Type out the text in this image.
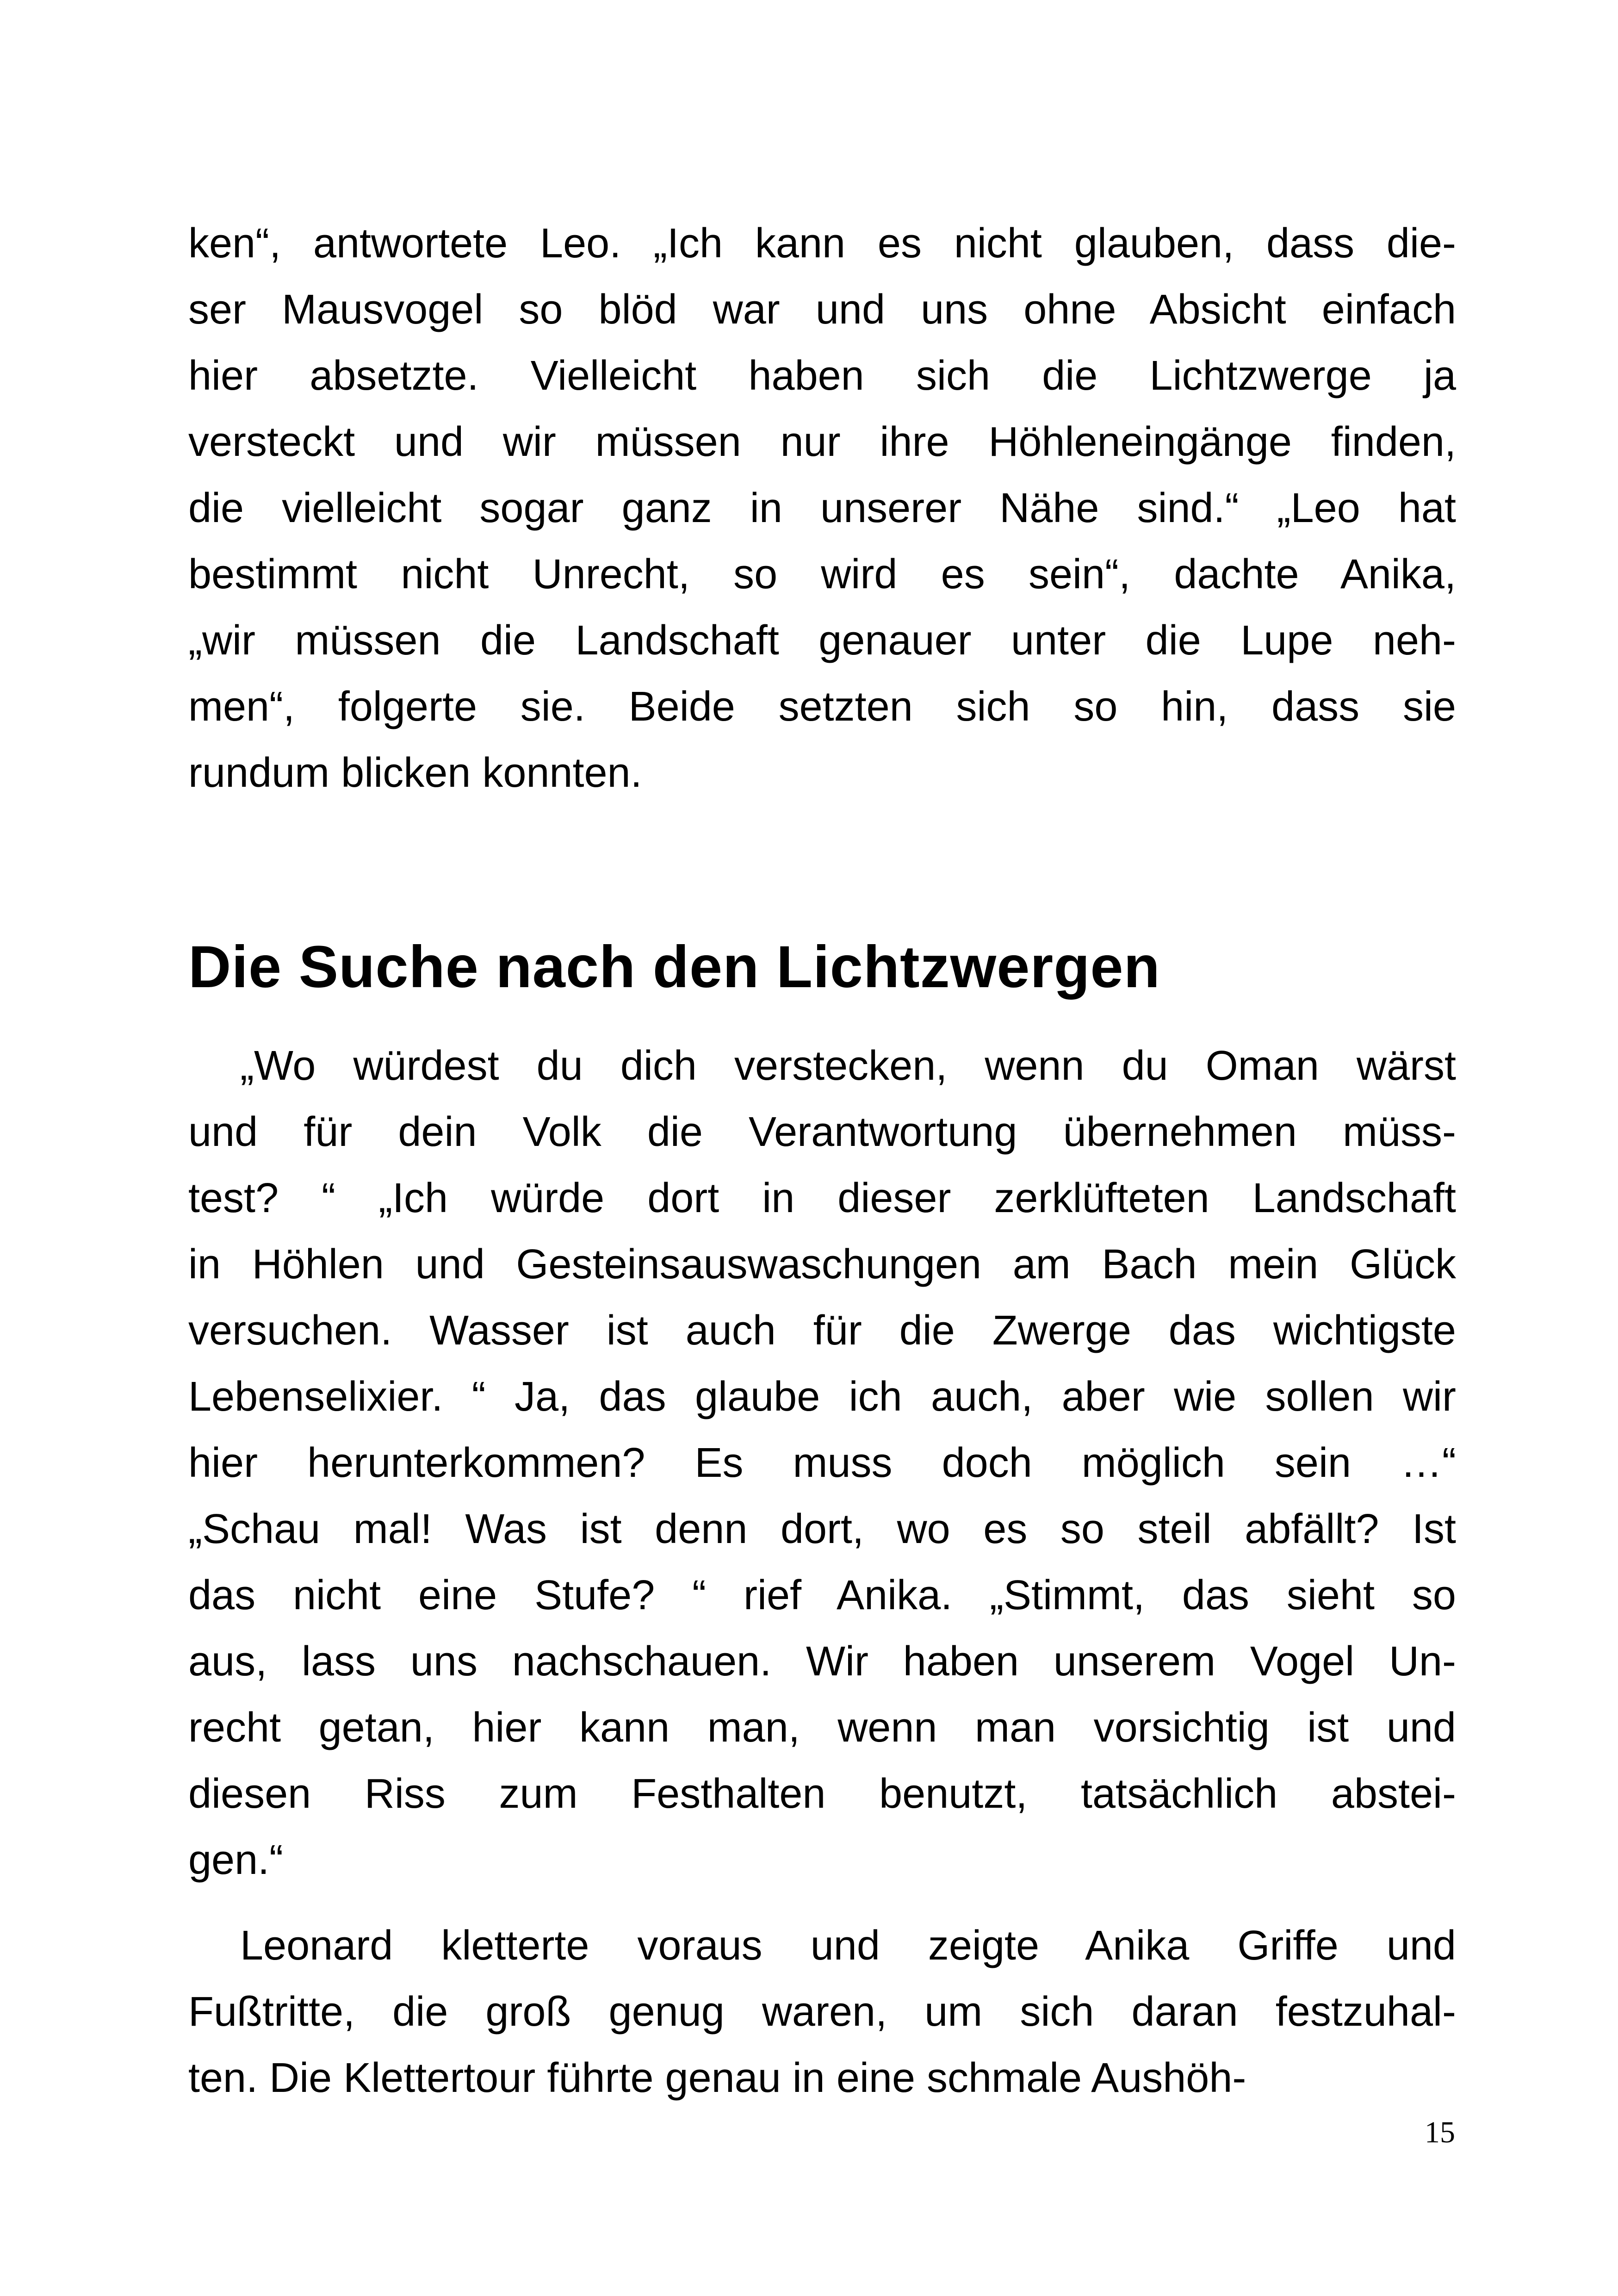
ken“, antwortete Leo. „Ich kann es nicht glauben, dass die-
ser Mausvogel so blöd war und uns ohne Absicht einfach
hier absetzte. Vielleicht haben sich die Lichtzwerge ja
versteckt und wir müssen nur ihre Höhleneingänge finden,
die vielleicht sogar ganz in unserer Nähe sind.“ „Leo hat
bestimmt nicht Unrecht, so wird es sein“, dachte Anika,
„wir müssen die Landschaft genauer unter die Lupe neh-
men“, folgerte sie. Beide setzten sich so hin, dass sie
rundum blicken konnten.
Die Suche nach den Lichtzwergen
„Wo würdest du dich verstecken, wenn du Oman wärst
und für dein Volk die Verantwortung übernehmen müss-
test? “ „Ich würde dort in dieser zerklüfteten Landschaft
in Höhlen und Gesteinsauswaschungen am Bach mein Glück
versuchen. Wasser ist auch für die Zwerge das wichtigste
Lebenselixier. “ Ja, das glaube ich auch, aber wie sollen wir
hier herunterkommen? Es muss doch möglich sein …“
„Schau mal! Was ist denn dort, wo es so steil abfällt? Ist
das nicht eine Stufe? “ rief Anika. „Stimmt, das sieht so
aus, lass uns nachschauen. Wir haben unserem Vogel Un-
recht getan, hier kann man, wenn man vorsichtig ist und
diesen Riss zum Festhalten benutzt, tatsächlich abstei-
gen.“
Leonard kletterte voraus und zeigte Anika Griffe und
Fußtritte, die groß genug waren, um sich daran festzuhal-
ten. Die Klettertour führte genau in eine schmale Aushöh-
15
